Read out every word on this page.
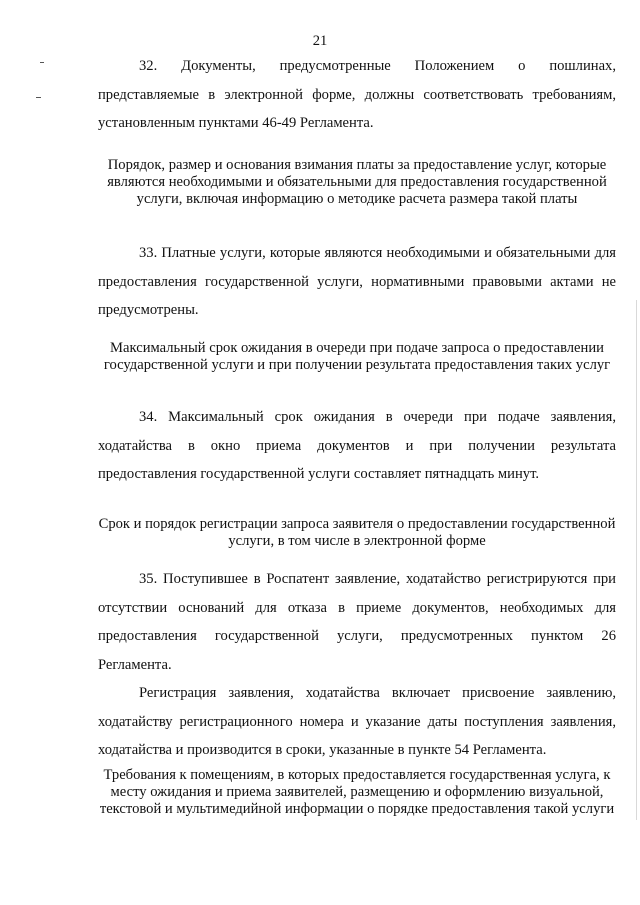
21

32. Документы, предусмотренные Положением о пошлинах, представляемые в электронной форме, должны соответствовать требованиям, установленным пунктами 46-49 Регламента.

Порядок, размер и основания взимания платы за предоставление услуг, которые являются необходимыми и обязательными для предоставления государственной услуги, включая информацию о методике расчета размера такой платы

33. Платные услуги, которые являются необходимыми и обязательными для предоставления государственной услуги, нормативными правовыми актами не предусмотрены.

Максимальный срок ожидания в очереди при подаче запроса о предоставлении государственной услуги и при получении результата предоставления таких услуг

34. Максимальный срок ожидания в очереди при подаче заявления, ходатайства в окно приема документов и при получении результата предоставления государственной услуги составляет пятнадцать минут.

Срок и порядок регистрации запроса заявителя о предоставлении государственной услуги, в том числе в электронной форме

35. Поступившее в Роспатент заявление, ходатайство регистрируются при отсутствии оснований для отказа в приеме документов, необходимых для предоставления государственной услуги, предусмотренных пунктом 26 Регламента.

Регистрация заявления, ходатайства включает присвоение заявлению, ходатайству регистрационного номера и указание даты поступления заявления, ходатайства и производится в сроки, указанные в пункте 54 Регламента.

Требования к помещениям, в которых предоставляется государственная услуга, к месту ожидания и приема заявителей, размещению и оформлению визуальной, текстовой и мультимедийной информации о порядке предоставления такой услуги
